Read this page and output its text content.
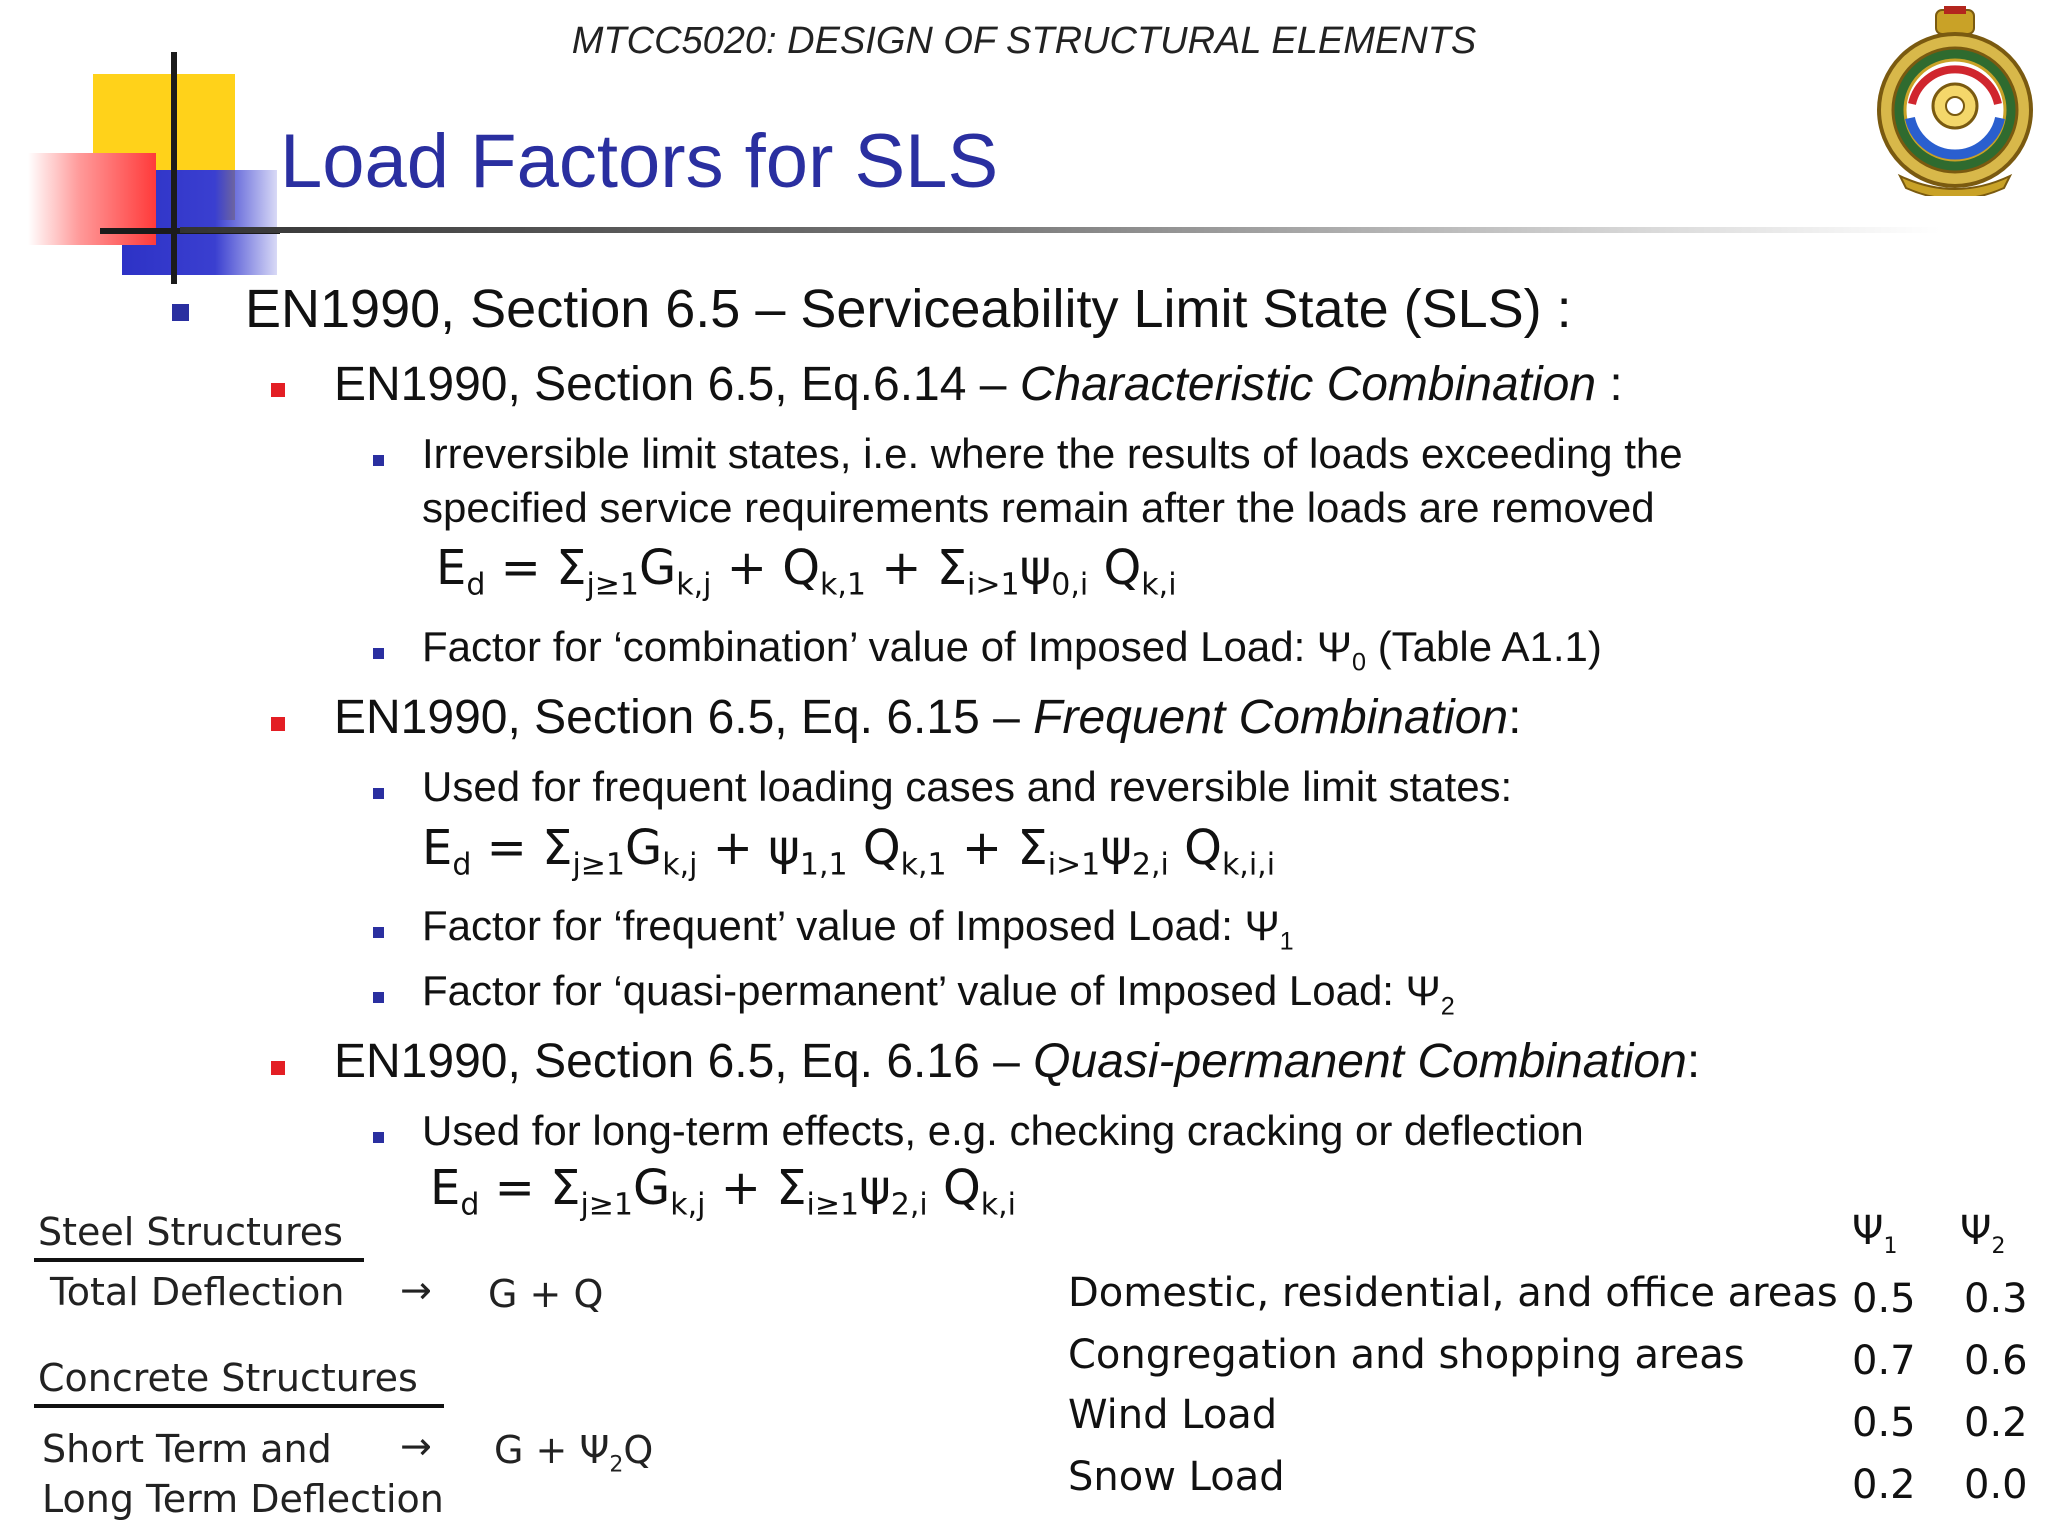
MTCC5020: DESIGN OF STRUCTURAL ELEMENTS
Load Factors for SLS
EN1990, Section 6.5 – Serviceability Limit State (SLS) :
EN1990, Section 6.5, Eq.6.14 – Characteristic Combination :
Irreversible limit states, i.e. where the results of loads exceeding the
specified service requirements remain after the loads are removed
$E_d = \Sigma_{j\ge 1}G_{k,j} + Q_{k,1} + \Sigma_{i>1}\psi_{0,i}$ $Q_{k,i}$
Factor for ‘combination’ value of Imposed Load: $\Psi_0$ (Table A1.1)
EN1990, Section 6.5, Eq. 6.15 – Frequent Combination:
Used for frequent loading cases and reversible limit states:
$E_d = \Sigma_{j\ge 1}G_{k,j} + \psi_{1,1}$ $Q_{k,1} + \Sigma_{i>1}\psi_{2,i}$ $Q_{k,i,i}$
Factor for ‘frequent’ value of Imposed Load: $\Psi_1$
Factor for ‘quasi-permanent’ value of Imposed Load: $\Psi_2$
EN1990, Section 6.5, Eq. 6.16 – Quasi-permanent Combination:
Used for long-term effects, e.g. checking cracking or deflection
$E_d = \Sigma_{j\ge 1}G_{k,j} + \Sigma_{i\ge 1}\psi_{2,i}$ $Q_{k,i}$
Steel Structures
Total Deflection → G + Q
Concrete Structures
Short Term and
Long Term Deflection
→ $G + \Psi_2Q$
$\Psi_1$ $\Psi_2$
Domestic, residential, and office areas 0.5 0.3
Congregation and shopping areas	0.7 0.6
Wind Load	0.5 0.2
Snow Load	0.2 0.0
